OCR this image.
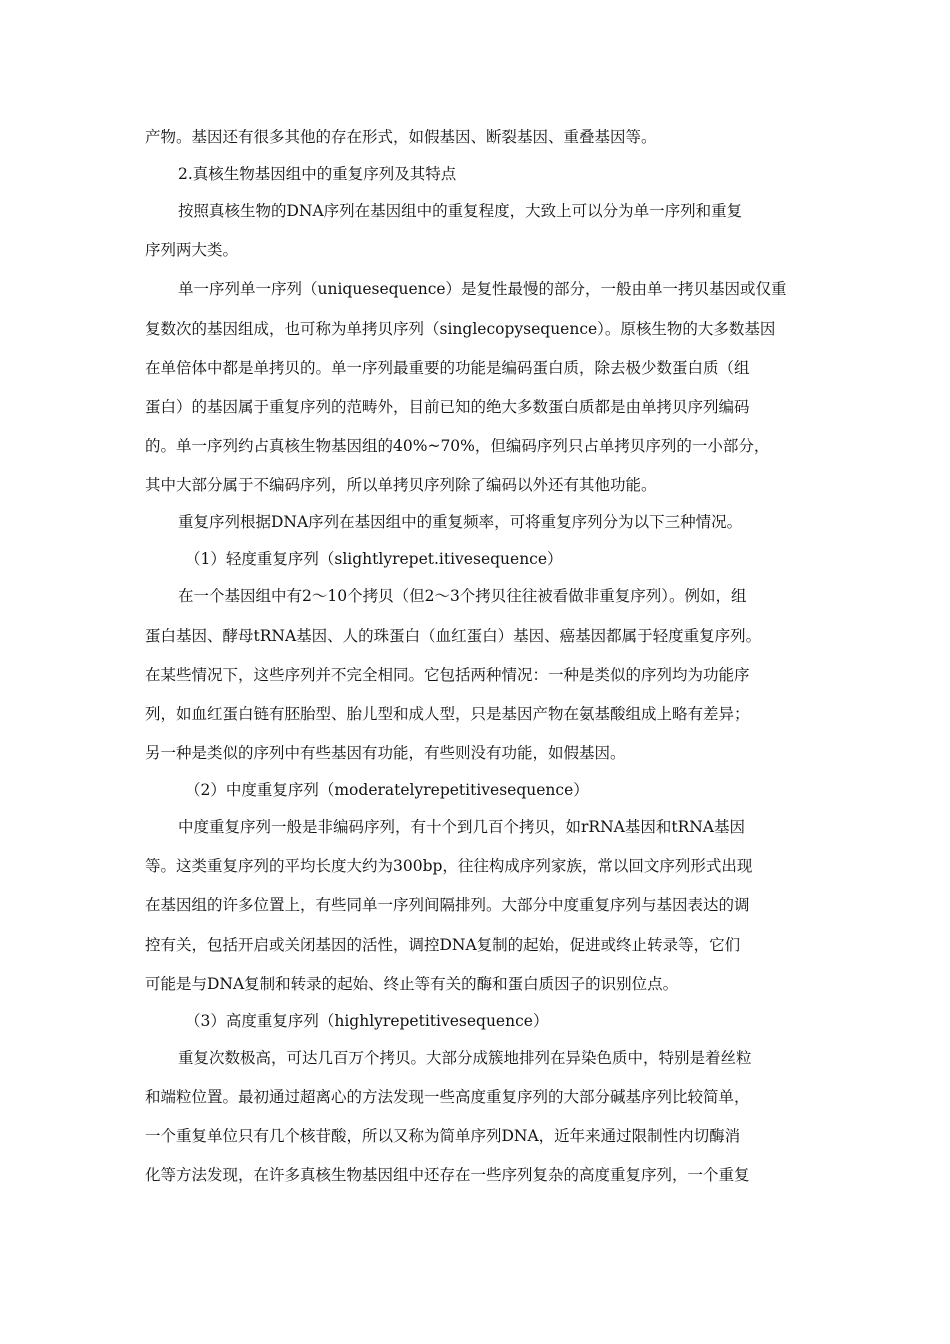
产物。基因还有很多其他的存在形式，如假基因、断裂基因、重叠基因等。
2.真核生物基因组中的重复序列及其特点
按照真核生物的DNA序列在基因组中的重复程度，大致上可以分为单一序列和重复
序列两大类。
单一序列单一序列（uniquesequence）是复性最慢的部分，一般由单一拷贝基因或仅重
复数次的基因组成，也可称为单拷贝序列（singlecopysequence）。原核生物的大多数基因
在单倍体中都是单拷贝的。单一序列最重要的功能是编码蛋白质，除去极少数蛋白质（组
蛋白）的基因属于重复序列的范畴外，目前已知的绝大多数蛋白质都是由单拷贝序列编码
的。单一序列约占真核生物基因组的40%~70%，但编码序列只占单拷贝序列的一小部分，
其中大部分属于不编码序列，所以单拷贝序列除了编码以外还有其他功能。
重复序列根据DNA序列在基因组中的重复频率，可将重复序列分为以下三种情况。
（1）轻度重复序列（slightlyrepet.itivesequence）
在一个基因组中有2～10个拷贝（但2～3个拷贝往往被看做非重复序列）。例如，组
蛋白基因、酵母tRNA基因、人的珠蛋白（血红蛋白）基因、癌基因都属于轻度重复序列。
在某些情况下，这些序列并不完全相同。它包括两种情况：一种是类似的序列均为功能序
列，如血红蛋白链有胚胎型、胎儿型和成人型，只是基因产物在氨基酸组成上略有差异；
另一种是类似的序列中有些基因有功能，有些则没有功能，如假基因。
（2）中度重复序列（moderatelyrepetitivesequence）
中度重复序列一般是非编码序列，有十个到几百个拷贝，如rRNA基因和tRNA基因
等。这类重复序列的平均长度大约为300bp，往往构成序列家族，常以回文序列形式出现
在基因组的许多位置上，有些同单一序列间隔排列。大部分中度重复序列与基因表达的调
控有关，包括开启或关闭基因的活性，调控DNA复制的起始，促进或终止转录等，它们
可能是与DNA复制和转录的起始、终止等有关的酶和蛋白质因子的识别位点。
（3）高度重复序列（highlyrepetitivesequence）
重复次数极高，可达几百万个拷贝。大部分成簇地排列在异染色质中，特别是着丝粒
和端粒位置。最初通过超离心的方法发现一些高度重复序列的大部分碱基序列比较简单，
一个重复单位只有几个核苷酸，所以又称为简单序列DNA，近年来通过限制性内切酶消
化等方法发现，在许多真核生物基因组中还存在一些序列复杂的高度重复序列，一个重复
